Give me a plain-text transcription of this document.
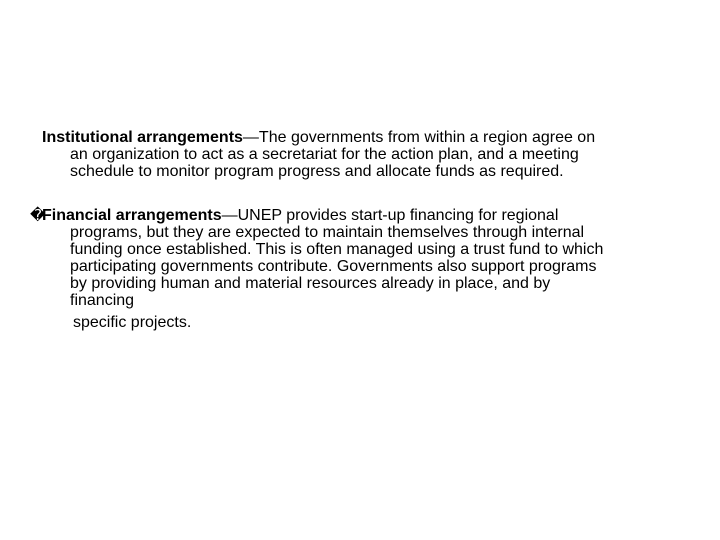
Institutional arrangements—The governments from within a region agree on
an organization to act as a secretariat for the action plan, and a meeting
schedule to monitor program progress and allocate funds as required.

�Financial arrangements—UNEP provides start-up financing for regional
programs, but they are expected to maintain themselves through internal
funding once established. This is often managed using a trust fund to which
participating governments contribute. Governments also support programs
by providing human and material resources already in place, and by
financing
specific projects.
